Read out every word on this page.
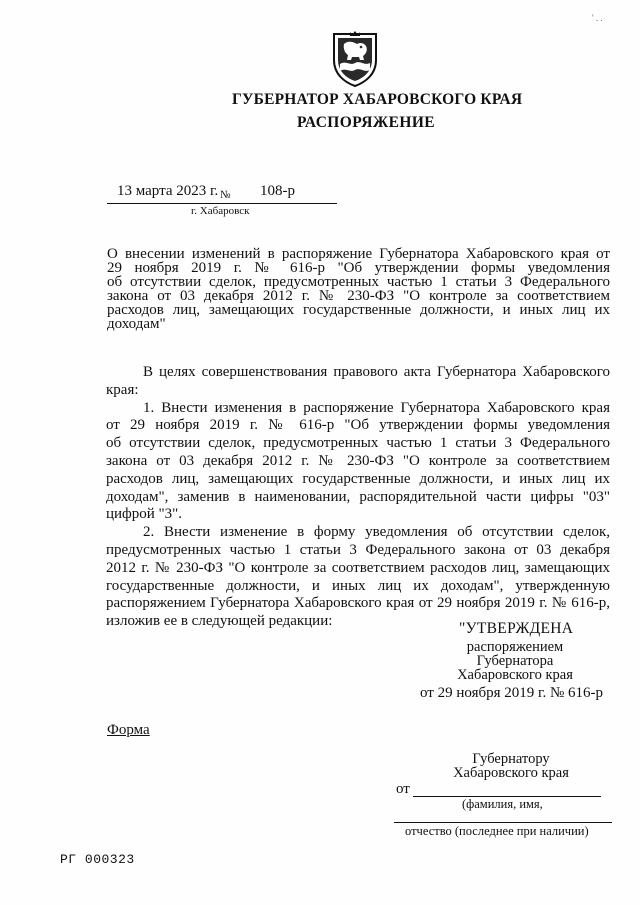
ГУБЕРНАТОР ХАБАРОВСКОГО КРАЯ
РАСПОРЯЖЕНИЕ
13 марта 2023 г. № 108-р
г. Хабаровск
О внесении изменений в распоряжение Губернатора Хабаровского края от
29 ноября 2019 г. № 616-р "Об утверждении формы уведомления
об отсутствии сделок, предусмотренных частью 1 статьи 3 Федерального
закона от 03 декабря 2012 г. № 230-ФЗ "О контроле за соответствием
расходов лиц, замещающих государственные должности, и иных лиц их
доходам"
В целях совершенствования правового акта Губернатора Хабаровского
края:
1. Внести изменения в распоряжение Губернатора Хабаровского края
от 29 ноября 2019 г. № 616-р "Об утверждении формы уведомления
об отсутствии сделок, предусмотренных частью 1 статьи 3 Федерального
закона от 03 декабря 2012 г. № 230-ФЗ "О контроле за соответствием
расходов лиц, замещающих государственные должности, и иных лиц их
доходам", заменив в наименовании, распорядительной части цифры "03"
цифрой "3".
2. Внести изменение в форму уведомления об отсутствии сделок,
предусмотренных частью 1 статьи 3 Федерального закона от 03 декабря
2012 г. № 230-ФЗ "О контроле за соответствием расходов лиц, замещающих
государственные должности, и иных лиц их доходам", утвержденную
распоряжением Губернатора Хабаровского края от 29 ноября 2019 г. № 616-р,
изложив ее в следующей редакции:	"УТВЕРЖДЕНА
распоряжением
Губернатора
Хабаровского края
от 29 ноября 2019 г. № 616-р
Форма
Губернатору
Хабаровского края
от
(фамилия, имя,
отчество (последнее при наличии)
РГ 000323
' . .
